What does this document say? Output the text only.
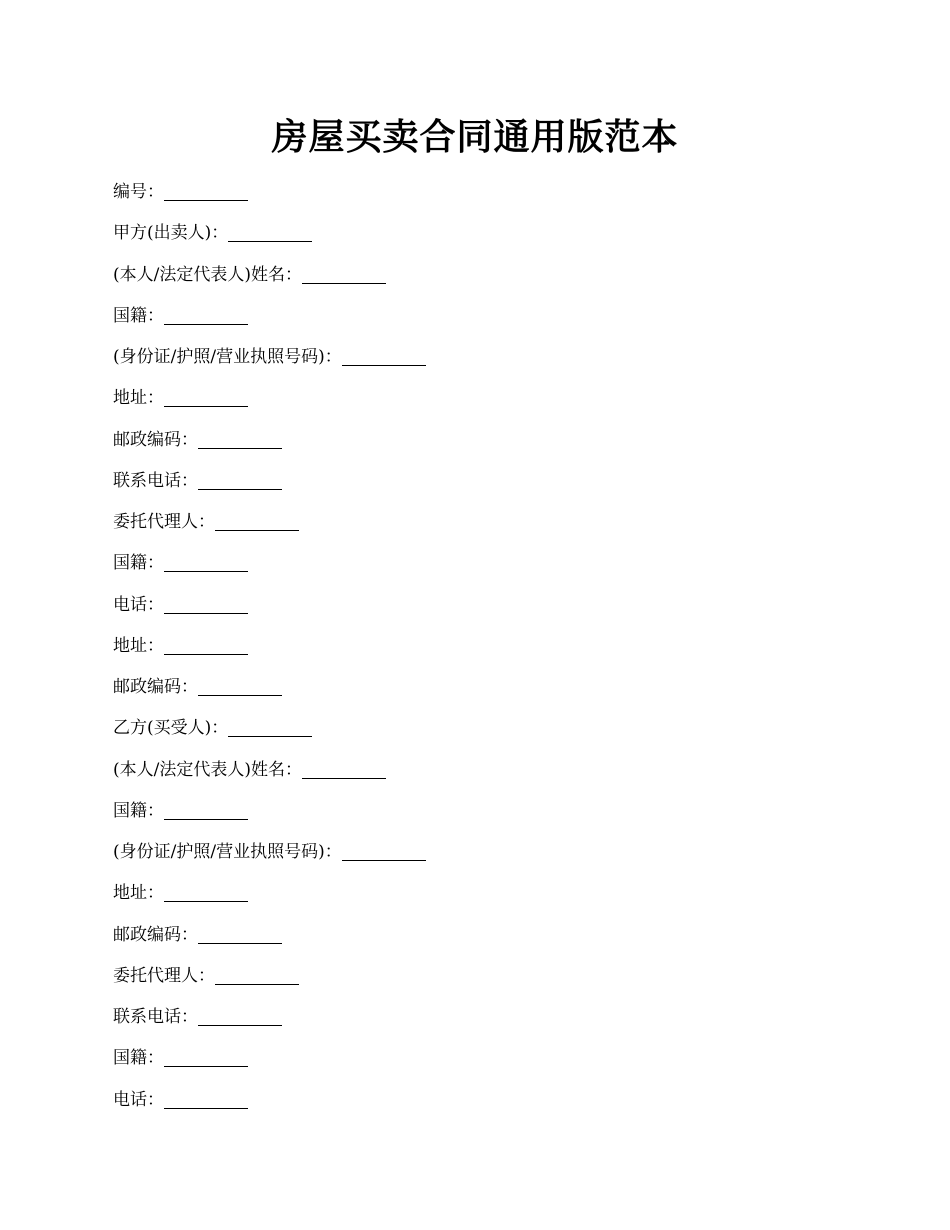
房屋买卖合同通用版范本
编号：
甲方(出卖人)：
(本人/法定代表人)姓名：
国籍：
(身份证/护照/营业执照号码)：
地址：
邮政编码：
联系电话：
委托代理人：
国籍：
电话：
地址：
邮政编码：
乙方(买受人)：
(本人/法定代表人)姓名：
国籍：
(身份证/护照/营业执照号码)：
地址：
邮政编码：
委托代理人：
联系电话：
国籍：
电话：
